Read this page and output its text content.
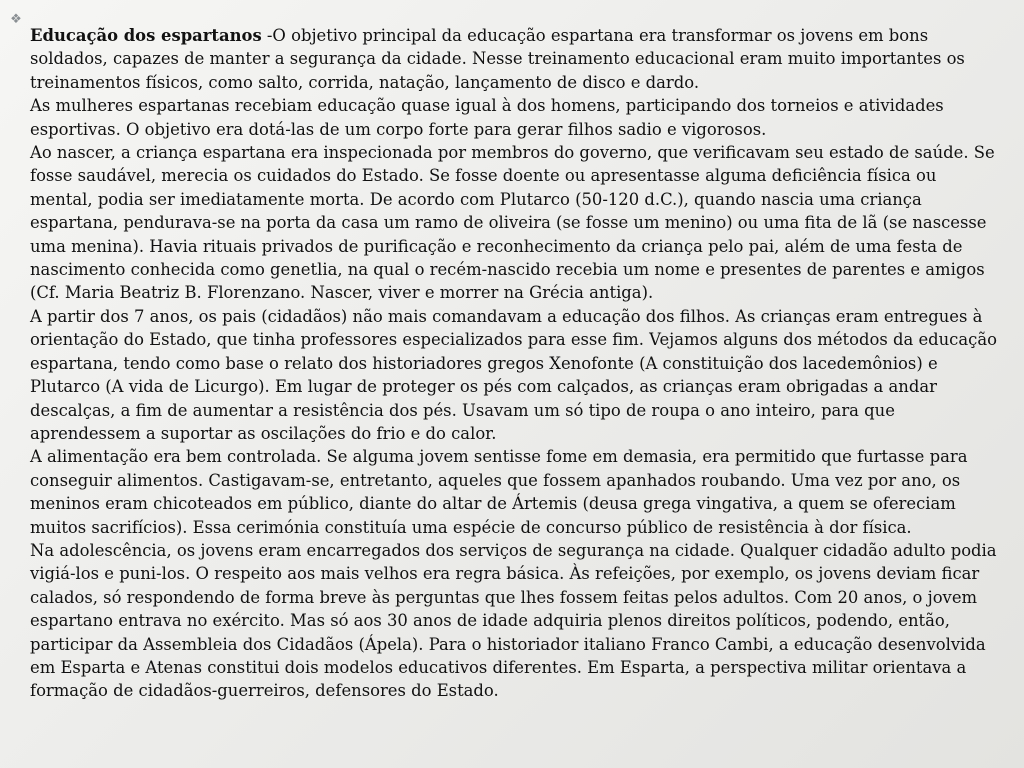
❖

Educação dos espartanos -O objetivo principal da educação espartana era transformar os jovens em bons soldados, capazes de manter a segurança da cidade. Nesse treinamento educacional eram muito importantes os treinamentos físicos, como salto, corrida, natação, lançamento de disco e dardo.

As mulheres espartanas recebiam educação quase igual à dos homens, participando dos torneios e atividades esportivas. O objetivo era dotá-las de um corpo forte para gerar filhos sadio e vigorosos.

Ao nascer, a criança espartana era inspecionada por membros do governo, que verificavam seu estado de saúde. Se fosse saudável, merecia os cuidados do Estado. Se fosse doente ou apresentasse alguma deficiência física ou mental, podia ser imediatamente morta. De acordo com Plutarco (50-120 d.C.), quando nascia uma criança espartana, pendurava-se na porta da casa um ramo de oliveira (se fosse um menino) ou uma fita de lã (se nascesse uma menina). Havia rituais privados de purificação e reconhecimento da criança pelo pai, além de uma festa de nascimento conhecida como genetlia, na qual o recém-nascido recebia um nome e presentes de parentes e amigos (Cf. Maria Beatriz B. Florenzano. Nascer, viver e morrer na Grécia antiga).

A partir dos 7 anos, os pais (cidadãos) não mais comandavam a educação dos filhos. As crianças eram entregues à orientação do Estado, que tinha professores especializados para esse fim. Vejamos alguns dos métodos da educação espartana, tendo como base o relato dos historiadores gregos Xenofonte (A constituição dos lacedemônios) e Plutarco (A vida de Licurgo). Em lugar de proteger os pés com calçados, as crianças eram obrigadas a andar descalças, a fim de aumentar a resistência dos pés. Usavam um só tipo de roupa o ano inteiro, para que aprendessem a suportar as oscilações do frio e do calor.

A alimentação era bem controlada. Se alguma jovem sentisse fome em demasia, era permitido que furtasse para conseguir alimentos. Castigavam-se, entretanto, aqueles que fossem apanhados roubando. Uma vez por ano, os meninos eram chicoteados em público, diante do altar de Ártemis (deusa grega vingativa, a quem se ofereciam muitos sacrifícios). Essa cerimónia constituía uma espécie de concurso público de resistência à dor física.

Na adolescência, os jovens eram encarregados dos serviços de segurança na cidade. Qualquer cidadão adulto podia vigiá-los e puni-los. O respeito aos mais velhos era regra básica. Às refeições, por exemplo, os jovens deviam ficar calados, só respondendo de forma breve às perguntas que lhes fossem feitas pelos adultos. Com 20 anos, o jovem espartano entrava no exército. Mas só aos 30 anos de idade adquiria plenos direitos políticos, podendo, então, participar da Assembleia dos Cidadãos (Ápela). Para o historiador italiano Franco Cambi, a educação desenvolvida em Esparta e Atenas constitui dois modelos educativos diferentes. Em Esparta, a perspectiva militar orientava a formação de cidadãos-guerreiros, defensores do Estado.
